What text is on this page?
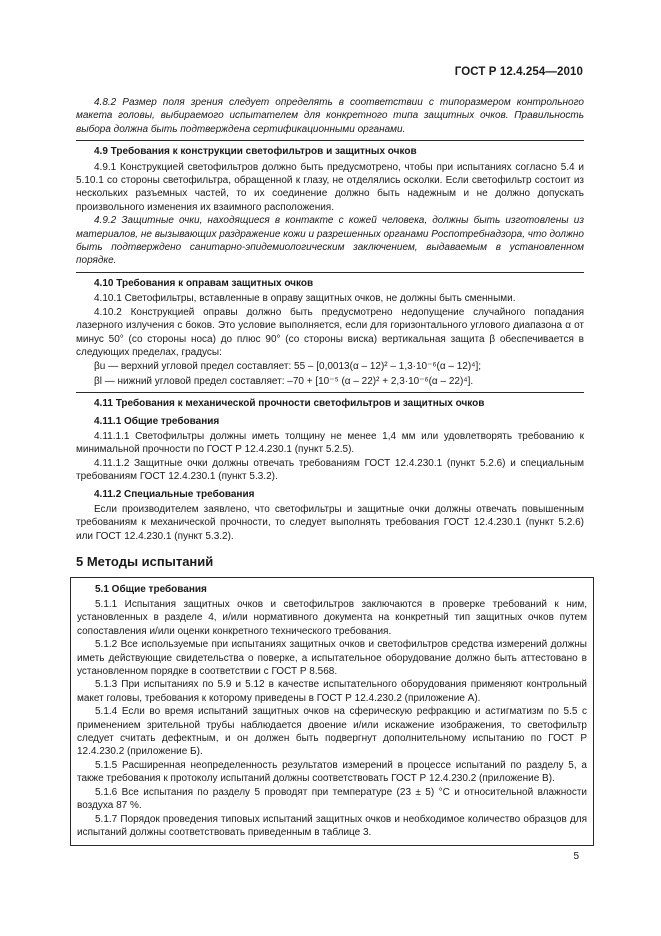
ГОСТ Р 12.4.254—2010

4.8.2 Размер поля зрения следует определять в соответствии с типоразмером контрольного макета головы, выбираемого испытателем для конкретного типа защитных очков. Правильность выбора должна быть подтверждена сертификационными органами.

4.9 Требования к конструкции светофильтров и защитных очков

4.9.1 Конструкцией светофильтров должно быть предусмотрено, чтобы при испытаниях согласно 5.4 и 5.10.1 со стороны светофильтра, обращенной к глазу, не отделялись осколки. Если светофильтр состоит из нескольких разъемных частей, то их соединение должно быть надежным и не должно допускать произвольного изменения их взаимного расположения.

4.9.2 Защитные очки, находящиеся в контакте с кожей человека, должны быть изготовлены из материалов, не вызывающих раздражение кожи и разрешенных органами Роспотребнадзора, что должно быть подтверждено санитарно-эпидемиологическим заключением, выдаваемым в установленном порядке.

4.10 Требования к оправам защитных очков

4.10.1 Светофильтры, вставленные в оправу защитных очков, не должны быть сменными.

4.10.2 Конструкцией оправы должно быть предусмотрено недопущение случайного попадания лазерного излучения с боков. Это условие выполняется, если для горизонтального углового диапазона α от минус 50° (со стороны носа) до плюс 90° (со стороны виска) вертикальная защита β обеспечивается в следующих пределах, градусы:

βu — верхний угловой предел составляет: 55 – [0,0013(α – 12)² – 1,3·10⁻⁶(α – 12)⁴];

βl — нижний угловой предел составляет: –70 + [10⁻⁵ (α – 22)² + 2,3·10⁻⁶(α – 22)⁴].

4.11 Требования к механической прочности светофильтров и защитных очков

4.11.1 Общие требования

4.11.1.1 Светофильтры должны иметь толщину не менее 1,4 мм или удовлетворять требованию к минимальной прочности по ГОСТ Р 12.4.230.1 (пункт 5.2.5).

4.11.1.2 Защитные очки должны отвечать требованиям ГОСТ 12.4.230.1 (пункт 5.2.6) и специальным требованиям ГОСТ 12.4.230.1 (пункт 5.3.2).

4.11.2 Специальные требования

Если производителем заявлено, что светофильтры и защитные очки должны отвечать повышенным требованиям к механической прочности, то следует выполнять требования ГОСТ 12.4.230.1 (пункт 5.2.6) или ГОСТ 12.4.230.1 (пункт 5.3.2).

5 Методы испытаний

5.1 Общие требования

5.1.1 Испытания защитных очков и светофильтров заключаются в проверке требований к ним, установленных в разделе 4, и/или нормативного документа на конкретный тип защитных очков путем сопоставления и/или оценки конкретного технического требования.

5.1.2 Все используемые при испытаниях защитных очков и светофильтров средства измерений должны иметь действующие свидетельства о поверке, а испытательное оборудование должно быть аттестовано в установленном порядке в соответствии с ГОСТ Р 8.568.

5.1.3 При испытаниях по 5.9 и 5.12 в качестве испытательного оборудования применяют контрольный макет головы, требования к которому приведены в ГОСТ Р 12.4.230.2 (приложение А).

5.1.4 Если во время испытаний защитных очков на сферическую рефракцию и астигматизм по 5.5 с применением зрительной трубы наблюдается двоение и/или искажение изображения, то светофильтр следует считать дефектным, и он должен быть подвергнут дополнительному испытанию по ГОСТ Р 12.4.230.2 (приложение Б).

5.1.5 Расширенная неопределенность результатов измерений в процессе испытаний по разделу 5, а также требования к протоколу испытаний должны соответствовать ГОСТ Р 12.4.230.2 (приложение В).

5.1.6 Все испытания по разделу 5 проводят при температуре (23 ± 5) °С и относительной влажности воздуха 87 %.

5.1.7 Порядок проведения типовых испытаний защитных очков и необходимое количество образцов для испытаний должны соответствовать приведенным в таблице 3.

5
